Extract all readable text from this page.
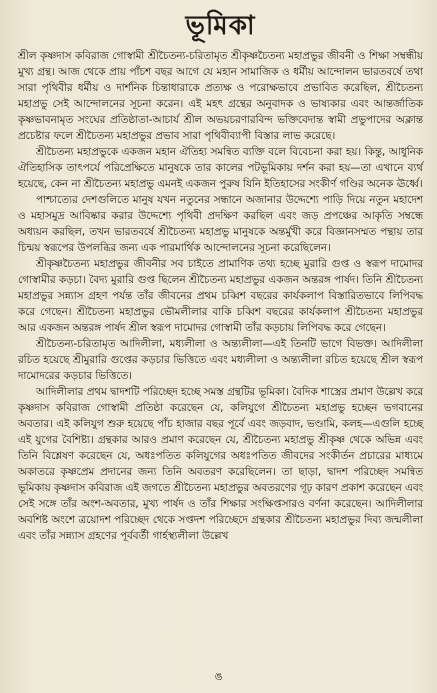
ভূমিকা

শ্রীল কৃষ্ণদাস কবিরাজ গোস্বামী শ্রীচৈতন্য-চরিতামৃত শ্রীকৃষ্ণচৈতন্য মহাপ্রভুর জীবনী ও শিক্ষা সম্বন্ধীয় মুখ্য গ্রন্থ। আজ থেকে প্রায় পাঁচশ বছর আগে যে মহান সামাজিক ও ধর্মীয় আন্দোলন ভারতবর্ষে তথা সারা পৃথিবীর ধর্মীয় ও দার্শনিক চিন্তাধারাকে প্রত্যক্ষ ও পরোক্ষভাবে প্রভাবিত করেছিল, শ্রীচৈতন্য মহাপ্রভু সেই আন্দোলনের সূচনা করেন। এই মহৎ গ্রন্থের অনুবাদক ও ভাষ্যকার এবং আন্তর্জাতিক কৃষ্ণভাবনামৃত সংঘের প্রতিষ্ঠাতা-আচার্য শ্রীল অভয়চরণারবিন্দ ভক্তিবেদান্ত স্বামী প্রভুপাদের অক্লান্ত প্রচেষ্টার ফলে শ্রীচৈতন্য মহাপ্রভুর প্রভাব সারা পৃথিবীব্যাপী বিস্তার লাভ করেছে।

শ্রীচৈতন্য মহাপ্রভুকে একজন মহান ঐতিহ্য সমন্বিত ব্যক্তি বলে বিবেচনা করা হয়। কিন্তু, আধুনিক ঐতিহাসিক তাৎপর্যে পরিপ্রেক্ষিতে মানুষকে তার কালের পটভূমিকায় দর্শন করা হয়—তা এখানে ব্যর্থ হয়েছে, কেন না শ্রীচৈতন্য মহাপ্রভু এমনই একজন পুরুষ যিনি ইতিহাসের সংকীর্ণ গণ্ডির অনেক ঊর্ধ্বে।

পাশ্চাত্যের দেশগুলিতে মানুষ যখন নতুনের সন্ধানে অজানার উদ্দেশ্যে পাড়ি দিয়ে নতুন মহাদেশ ও মহাসমুদ্র আবিষ্কার করার উদ্দেশ্যে পৃথিবী প্রদক্ষিণ করছিল এবং জড় প্রপঞ্চের আকৃতি সম্বন্ধে অধ্যয়ন করছিল, তখন ভারতবর্ষে শ্রীচৈতন্য মহাপ্রভু মানুষকে অন্তর্মুখী করে বিজ্ঞানসম্মত পন্থায় তার চিন্ময় স্বরূপের উপলব্ধির জন্য এক পারমার্থিক আন্দোলনের সূচনা করেছিলেন।

শ্রীকৃষ্ণচৈতন্য মহাপ্রভুর জীবনীর সব চাইতে প্রামাণিক তথ্য হচ্ছে মুরারি গুপ্ত ও স্বরূপ দামোদর গোস্বামীর কড়চা। বৈদ্য মুরারি গুপ্ত ছিলেন শ্রীচৈতন্য মহাপ্রভুর একজন অন্তরঙ্গ পার্ষদ। তিনি শ্রীচৈতন্য মহাপ্রভুর সন্ন্যাস গ্রহণ পর্যন্ত তাঁর জীবনের প্রথম চব্বিশ বছরের কার্যকলাপ বিস্তারিতভাবে লিপিবদ্ধ করে গেছেন। শ্রীচৈতন্য মহাপ্রভুর ভৌমলীলার বাকি চব্বিশ বছরের কার্যকলাপ শ্রীচৈতন্য মহাপ্রভুর আর একজন অন্তরঙ্গ পার্ষদ শ্রীল স্বরূপ দামোদর গোস্বামী তাঁর কড়চায় লিপিবদ্ধ করে গেছেন।

শ্রীচৈতন্য-চরিতামৃত আদিলীলা, মধ্যলীলা ও অন্ত্যলীলা—এই তিনটি ভাগে বিভক্ত। আদিলীলা রচিত হয়েছে শ্রীমুরারি গুপ্তের কড়চার ভিত্তিতে এবং মধ্যলীলা ও অন্ত্যলীলা রচিত হয়েছে শ্রীল স্বরূপ দামোদরের কড়চার ভিত্তিতে।

আদিলীলার প্রথম দ্বাদশটি পরিচ্ছেদ হচ্ছে সমস্ত গ্রন্থটির ভূমিকা। বৈদিক শাস্ত্রের প্রমাণ উল্লেখ করে কৃষ্ণদাস কবিরাজ গোস্বামী প্রতিষ্ঠা করেছেন যে, কলিযুগে শ্রীচৈতন্য মহাপ্রভু হচ্ছেন ভগবানের অবতার। এই কলিযুগ শুরু হয়েছে পাঁচ হাজার বছর পূর্বে এবং জড়বাদ, ভণ্ডামি, কলহ—এগুলি হচ্ছে এই যুগের বৈশিষ্ট্য। গ্রন্থকার আরও প্রমাণ করেছেন যে, শ্রীচৈতন্য মহাপ্রভু শ্রীকৃষ্ণ থেকে অভিন্ন এবং তিনি বিশ্লেষণ করেছেন যে, অধঃপতিত কলিযুগের অধঃপতিত জীবদের সংকীর্তন প্রচারের মাধ্যমে অকাতরে কৃষ্ণপ্রেম প্রদানের জন্য তিনি অবতরণ করেছিলেন। তা ছাড়া, দ্বাদশ পরিচ্ছেদ সমন্বিত ভূমিকায় কৃষ্ণদাস কবিরাজ এই জগতে শ্রীচৈতন্য মহাপ্রভুর অবতরণের গূঢ় কারণ প্রকাশ করেছেন এবং সেই সঙ্গে তাঁর অংশ-অবতার, মুখ্য পার্ষদ ও তাঁর শিক্ষার সংক্ষিপ্তসারও বর্ণনা করেছেন। আদিলীলার অবশিষ্ট অংশে ত্রয়োদশ পরিচ্ছেদ থেকে সপ্তদশ পরিচ্ছেদে গ্রন্থকার শ্রীচৈতন্য মহাপ্রভুর দিব্য জন্মলীলা এবং তাঁর সন্ন্যাস গ্রহণের পূর্ববর্তী গার্হস্থ্যলীলা উল্লেখ

ঙ
